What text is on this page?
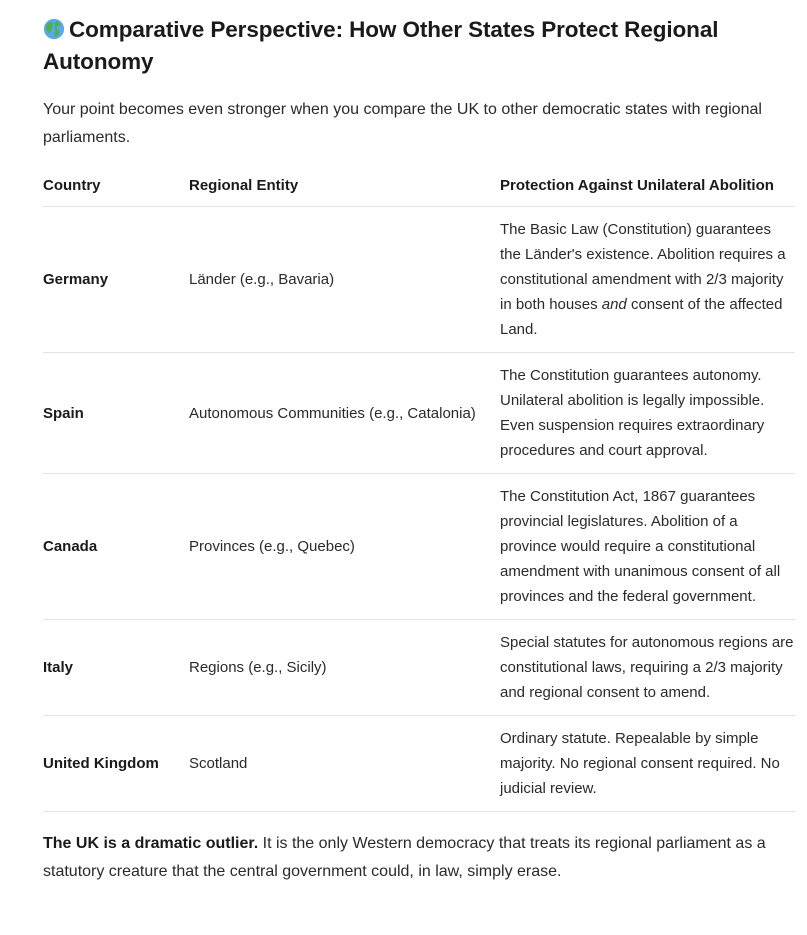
Comparative Perspective: How Other States Protect Regional Autonomy

Your point becomes even stronger when you compare the UK to other democratic states with regional parliaments.

Country	Regional Entity	Protection Against Unilateral Abolition
Germany	Länder (e.g., Bavaria)	The Basic Law (Constitution) guarantees the Länder's existence. Abolition requires a constitutional amendment with 2/3 majority in both houses and consent of the affected Land.
Spain	Autonomous Communities (e.g., Catalonia)	The Constitution guarantees autonomy. Unilateral abolition is legally impossible. Even suspension requires extraordinary procedures and court approval.
Canada	Provinces (e.g., Quebec)	The Constitution Act, 1867 guarantees provincial legislatures. Abolition of a province would require a constitutional amendment with unanimous consent of all provinces and the federal government.
Italy	Regions (e.g., Sicily)	Special statutes for autonomous regions are constitutional laws, requiring a 2/3 majority and regional consent to amend.
United Kingdom	Scotland	Ordinary statute. Repealable by simple majority. No regional consent required. No judicial review.

The UK is a dramatic outlier. It is the only Western democracy that treats its regional parliament as a statutory creature that the central government could, in law, simply erase.
